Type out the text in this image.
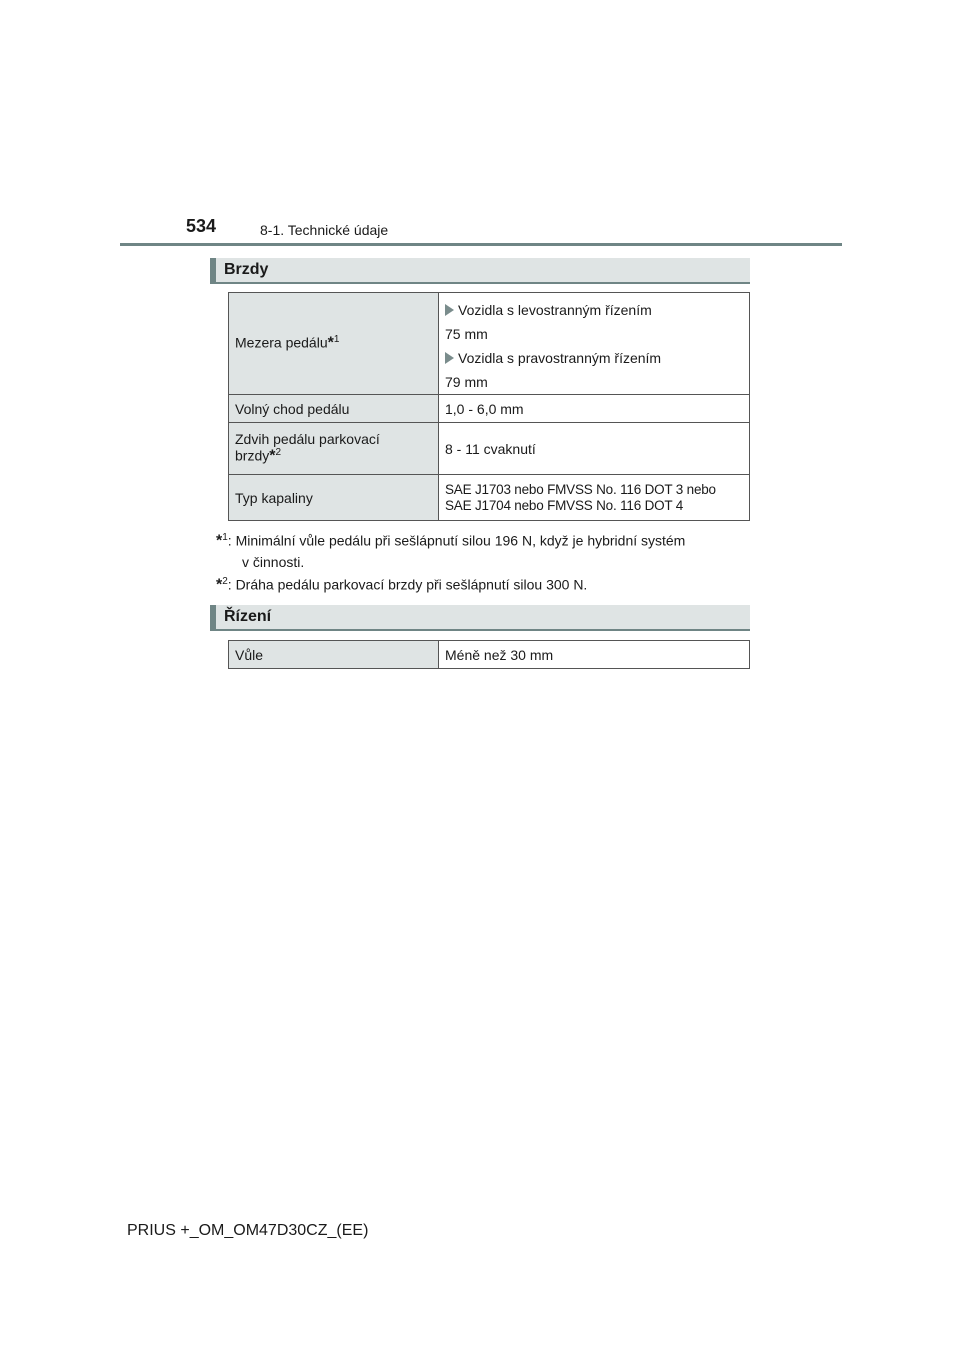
534	8-1. Technické údaje
Brzdy
Mezera pedálu*$^1$	Vozidla s levostranným řízením
75 mm
Vozidla s pravostranným řízením
79 mm

Volný chod pedálu	1,0 - 6,0 mm

Zdvih pedálu parkovací
brzdy*$^2$	8 - 11 cvaknutí
Typ kapaliny	SAE J1703 nebo FMVSS No. 116 DOT 3 nebo
SAE J1704 nebo FMVSS No. 116 DOT 4
*$^1$: Minimální vůle pedálu při sešlápnutí silou 196 N, když je hybridní systém
v činnosti.
*$^2$: Dráha pedálu parkovací brzdy při sešlápnutí silou 300 N.
Řízení
Vůle	Méně než 30 mm
PRIUS +_OM_OM47D30CZ_(EE)
